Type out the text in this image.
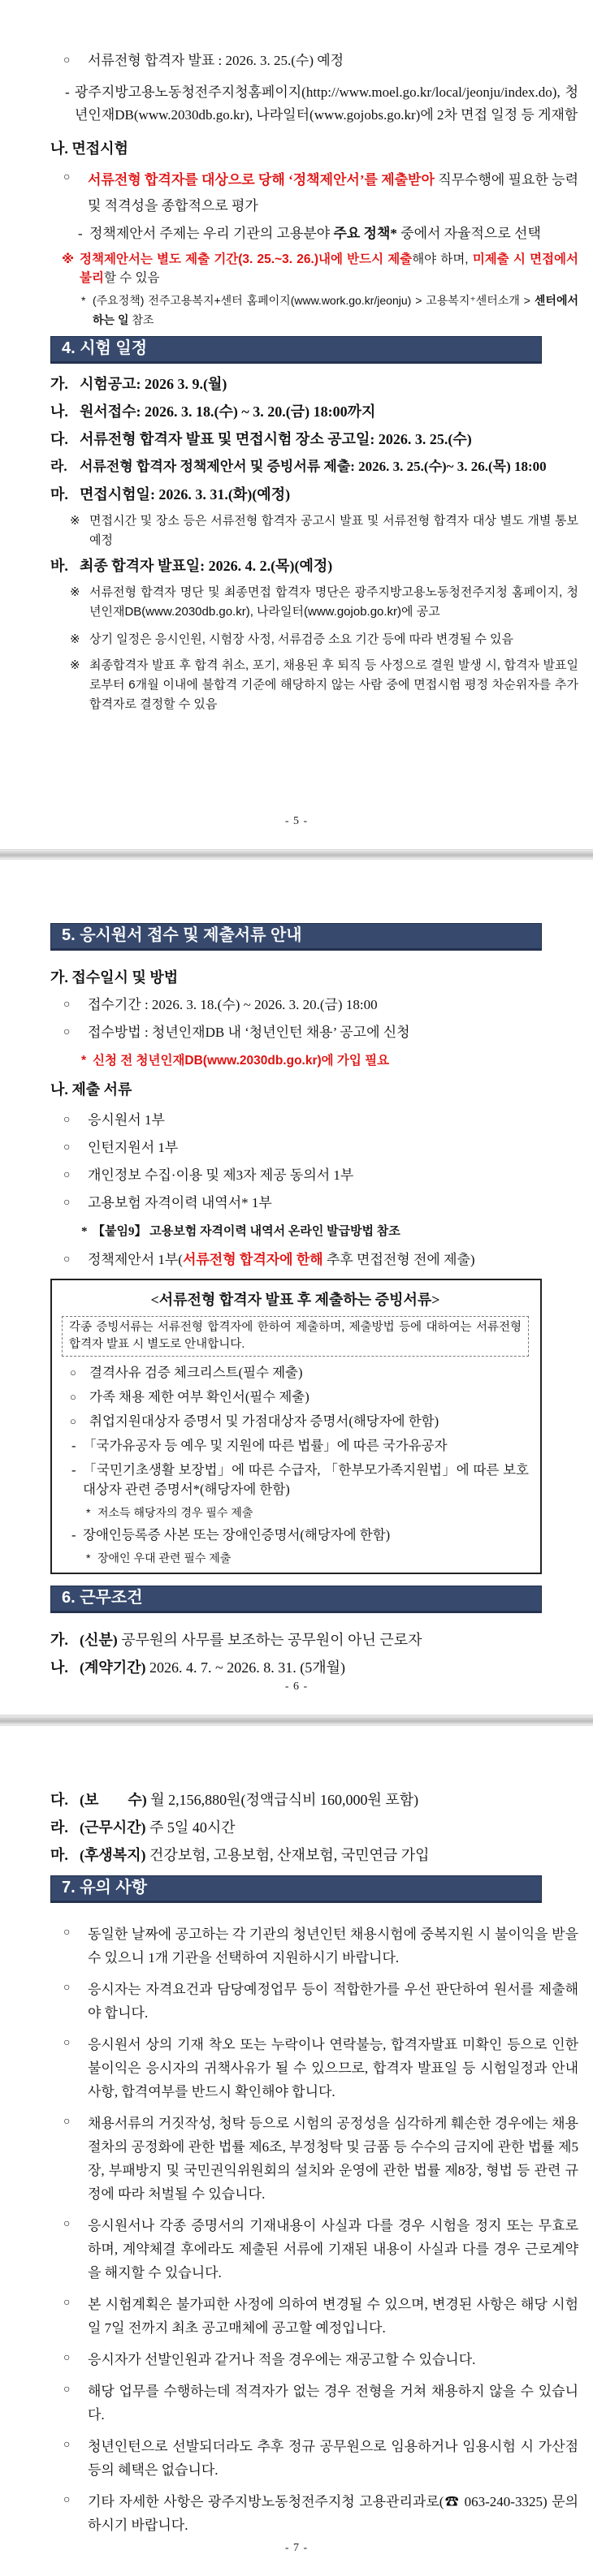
○ 서류전형 합격자 발표 : 2026. 3. 25.(수) 예정
- 광주지방고용노동청전주지청홈페이지(http://www.moel.go.kr/local/jeonju/index.do), 청년인재DB(www.2030db.go.kr), 나라일터(www.gojobs.go.kr)에 2차 면접 일정 등 게재함
나. 면접시험
○ 서류전형 합격자를 대상으로 당해 ‘정책제안서’를 제출받아 직무수행에 필요한 능력 및 적격성을 종합적으로 평가
- 정책제안서 주제는 우리 기관의 고용분야 주요 정책* 중에서 자율적으로 선택
※ 정책제안서는 별도 제출 기간(3. 25.~3. 26.)내에 반드시 제출해야 하며, 미제출 시 면접에서 불리할 수 있음
* (주요정책) 전주고용복지+센터 홈페이지(www.work.go.kr/jeonju) > 고용복지⁺센터소개 > 센터에서 하는 일 참조
4. 시험 일정
가. 시험공고: 2026 3. 9.(월)
나. 원서접수: 2026. 3. 18.(수) ~ 3. 20.(금) 18:00까지
다. 서류전형 합격자 발표 및 면접시험 장소 공고일: 2026. 3. 25.(수)
라. 서류전형 합격자 정책제안서 및 증빙서류 제출: 2026. 3. 25.(수)~ 3. 26.(목) 18:00
마. 면접시험일: 2026. 3. 31.(화)(예정)
※ 면접시간 및 장소 등은 서류전형 합격자 공고시 발표 및 서류전형 합격자 대상 별도 개별 통보 예정
바. 최종 합격자 발표일: 2026. 4. 2.(목)(예정)
※ 서류전형 합격자 명단 및 최종면접 합격자 명단은 광주지방고용노동청전주지청 홈페이지, 청년인재DB(www.2030db.go.kr), 나라일터(www.gojob.go.kr)에 공고
※ 상기 일정은 응시인원, 시험장 사정, 서류검증 소요 기간 등에 따라 변경될 수 있음
※ 최종합격자 발표 후 합격 취소, 포기, 채용된 후 퇴직 등 사정으로 결원 발생 시, 합격자 발표일로부터 6개월 이내에 불합격 기준에 해당하지 않는 사람 중에 면접시험 평정 차순위자를 추가 합격자로 결정할 수 있음
- 5 -
5. 응시원서 접수 및 제출서류 안내
가. 접수일시 및 방법
○ 접수기간 : 2026. 3. 18.(수) ~ 2026. 3. 20.(금) 18:00
○ 접수방법 : 청년인재DB 내 ‘청년인턴 채용’ 공고에 신청
* 신청 전 청년인재DB(www.2030db.go.kr)에 가입 필요
나. 제출 서류
○ 응시원서 1부
○ 인턴지원서 1부
○ 개인정보 수집·이용 및 제3자 제공 동의서 1부
○ 고용보험 자격이력 내역서* 1부
* 【붙임9】 고용보험 자격이력 내역서 온라인 발급방법 참조
○ 정책제안서 1부(서류전형 합격자에 한해 추후 면접전형 전에 제출)
<서류전형 합격자 발표 후 제출하는 증빙서류>
각종 증빙서류는 서류전형 합격자에 한하여 제출하며, 제출방법 등에 대하여는 서류전형 합격자 발표 시 별도로 안내합니다.
○ 결격사유 검증 체크리스트(필수 제출)
○ 가족 채용 제한 여부 확인서(필수 제출)
○ 취업지원대상자 증명서 및 가점대상자 증명서(해당자에 한함)
- 「국가유공자 등 예우 및 지원에 따른 법률」에 따른 국가유공자
- 「국민기초생활 보장법」에 따른 수급자, 「한부모가족지원법」에 따른 보호대상자 관련 증명서*(해당자에 한함)
* 저소득 해당자의 경우 필수 제출
- 장애인등록증 사본 또는 장애인증명서(해당자에 한함)
* 장애인 우대 관련 필수 제출
6. 근무조건
가. (신분) 공무원의 사무를 보조하는 공무원이 아닌 근로자
나. (계약기간) 2026. 4. 7. ~ 2026. 8. 31. (5개월)
- 6 -
다. (보　　수) 월 2,156,880원(정액급식비 160,000원 포함)
라. (근무시간) 주 5일 40시간
마. (후생복지) 건강보험, 고용보험, 산재보험, 국민연금 가입
7. 유의 사항
○ 동일한 날짜에 공고하는 각 기관의 청년인턴 채용시험에 중복지원 시 불이익을 받을 수 있으니 1개 기관을 선택하여 지원하시기 바랍니다.
○ 응시자는 자격요건과 담당예정업무 등이 적합한가를 우선 판단하여 원서를 제출해야 합니다.
○ 응시원서 상의 기재 착오 또는 누락이나 연락불능, 합격자발표 미확인 등으로 인한 불이익은 응시자의 귀책사유가 될 수 있으므로, 합격자 발표일 등 시험일정과 안내사항, 합격여부를 반드시 확인해야 합니다.
○ 채용서류의 거짓작성, 청탁 등으로 시험의 공정성을 심각하게 훼손한 경우에는 채용절차의 공정화에 관한 법률 제6조, 부정청탁 및 금품 등 수수의 금지에 관한 법률 제5장, 부패방지 및 국민권익위원회의 설치와 운영에 관한 법률 제8장, 형법 등 관련 규정에 따라 처벌될 수 있습니다.
○ 응시원서나 각종 증명서의 기재내용이 사실과 다를 경우 시험을 정지 또는 무효로 하며, 계약체결 후에라도 제출된 서류에 기재된 내용이 사실과 다를 경우 근로계약을 해지할 수 있습니다.
○ 본 시험계획은 불가피한 사정에 의하여 변경될 수 있으며, 변경된 사항은 해당 시험일 7일 전까지 최초 공고매체에 공고할 예정입니다.
○ 응시자가 선발인원과 같거나 적을 경우에는 재공고할 수 있습니다.
○ 해당 업무를 수행하는데 적격자가 없는 경우 전형을 거쳐 채용하지 않을 수 있습니다.
○ 청년인턴으로 선발되더라도 추후 정규 공무원으로 임용하거나 임용시험 시 가산점 등의 혜택은 없습니다.
○ 기타 자세한 사항은 광주지방노동청전주지청 고용관리과로(☎ 063-240-3325) 문의하시기 바랍니다.
- 7 -
